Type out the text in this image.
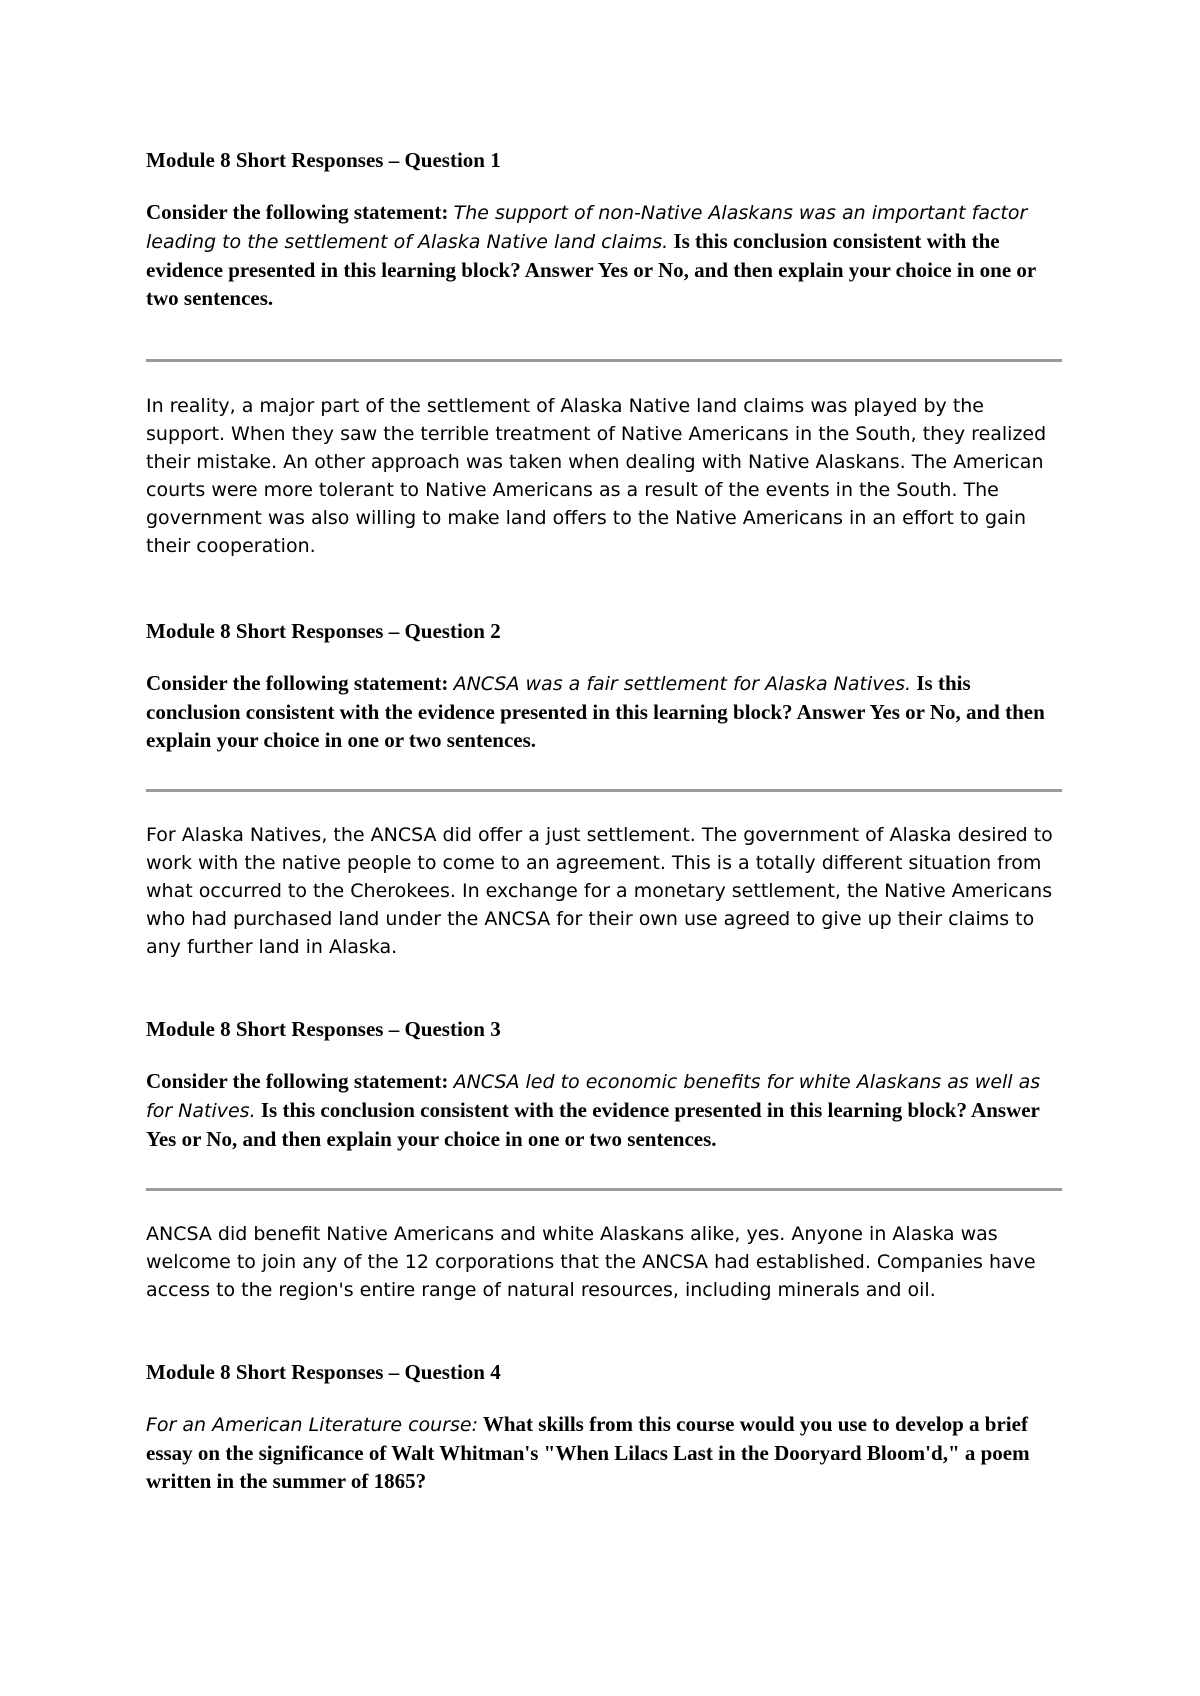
Module 8 Short Responses – Question 1

Consider the following statement: The support of non-Native Alaskans was an important factor leading to the settlement of Alaska Native land claims. Is this conclusion consistent with the evidence presented in this learning block? Answer Yes or No, and then explain your choice in one or two sentences.

In reality, a major part of the settlement of Alaska Native land claims was played by the support. When they saw the terrible treatment of Native Americans in the South, they realized their mistake. An other approach was taken when dealing with Native Alaskans. The American courts were more tolerant to Native Americans as a result of the events in the South. The government was also willing to make land offers to the Native Americans in an effort to gain their cooperation.

Module 8 Short Responses – Question 2

Consider the following statement: ANCSA was a fair settlement for Alaska Natives. Is this conclusion consistent with the evidence presented in this learning block? Answer Yes or No, and then explain your choice in one or two sentences.

For Alaska Natives, the ANCSA did offer a just settlement. The government of Alaska desired to work with the native people to come to an agreement. This is a totally different situation from what occurred to the Cherokees. In exchange for a monetary settlement, the Native Americans who had purchased land under the ANCSA for their own use agreed to give up their claims to any further land in Alaska.

Module 8 Short Responses – Question 3

Consider the following statement: ANCSA led to economic benefits for white Alaskans as well as for Natives. Is this conclusion consistent with the evidence presented in this learning block? Answer Yes or No, and then explain your choice in one or two sentences.

ANCSA did benefit Native Americans and white Alaskans alike, yes. Anyone in Alaska was welcome to join any of the 12 corporations that the ANCSA had established. Companies have access to the region's entire range of natural resources, including minerals and oil.

Module 8 Short Responses – Question 4

For an American Literature course: What skills from this course would you use to develop a brief essay on the significance of Walt Whitman's "When Lilacs Last in the Dooryard Bloom'd," a poem written in the summer of 1865?
